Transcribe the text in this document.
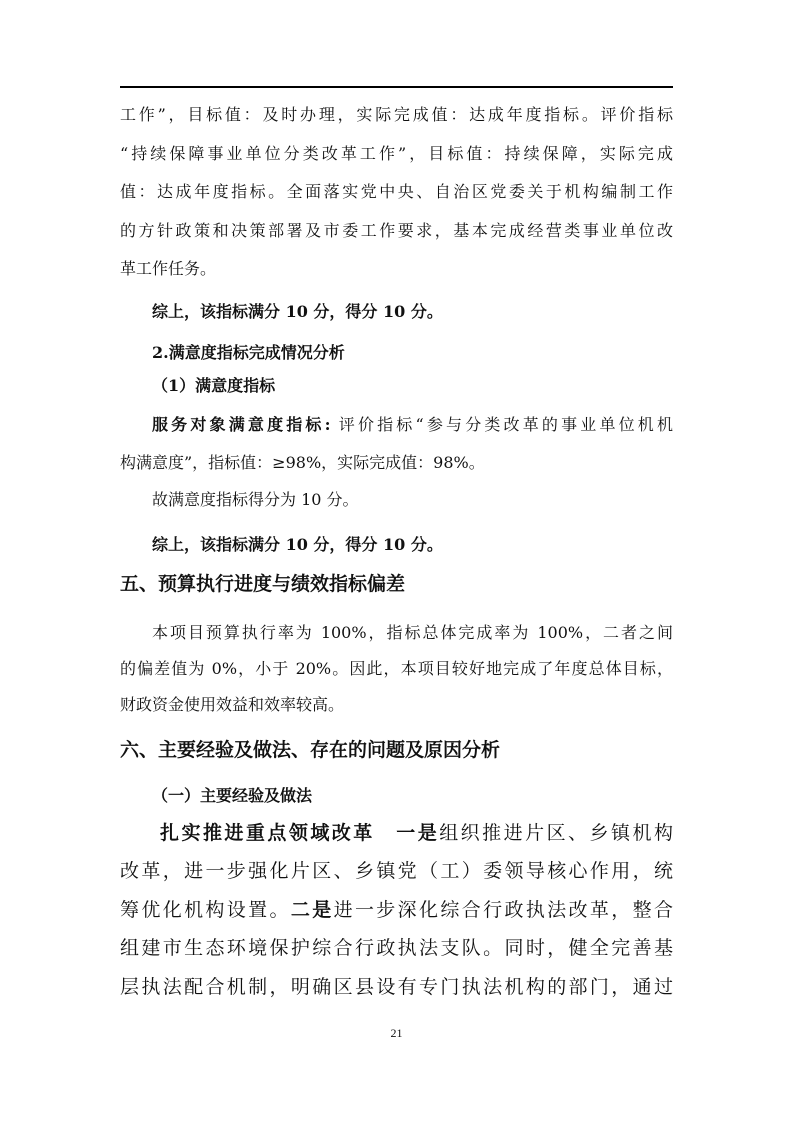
工作”，目标值：及时办理，实际完成值：达成年度指标。评价指标
“持续保障事业单位分类改革工作”，目标值：持续保障，实际完成
值：达成年度指标。全面落实党中央、自治区党委关于机构编制工作
的方针政策和决策部署及市委工作要求，基本完成经营类事业单位改
革工作任务。
综上，该指标满分 10 分，得分 10 分。
2.满意度指标完成情况分析
（1）满意度指标
服务对象满意度指标: 评价指标“参与分类改革的事业单位机机
构满意度”，指标值：≥98%，实际完成值：98%。
故满意度指标得分为 10 分。
综上，该指标满分 10 分，得分 10 分。
五、预算执行进度与绩效指标偏差
本项目预算执行率为 100%，指标总体完成率为 100%，二者之间
的偏差值为 0%，小于 20%。因此，本项目较好地完成了年度总体目标，
财政资金使用效益和效率较高。
六、主要经验及做法、存在的问题及原因分析
（一）主要经验及做法
扎实推进重点领域改革　 一是组织推进片区、乡镇机构
改革，进一步强化片区、乡镇党（工）委领导核心作用，统
筹优化机构设置。二是进一步深化综合行政执法改革，整合
组建市生态环境保护综合行政执法支队。同时，健全完善基
层执法配合机制，明确区县设有专门执法机构的部门，通过
21
